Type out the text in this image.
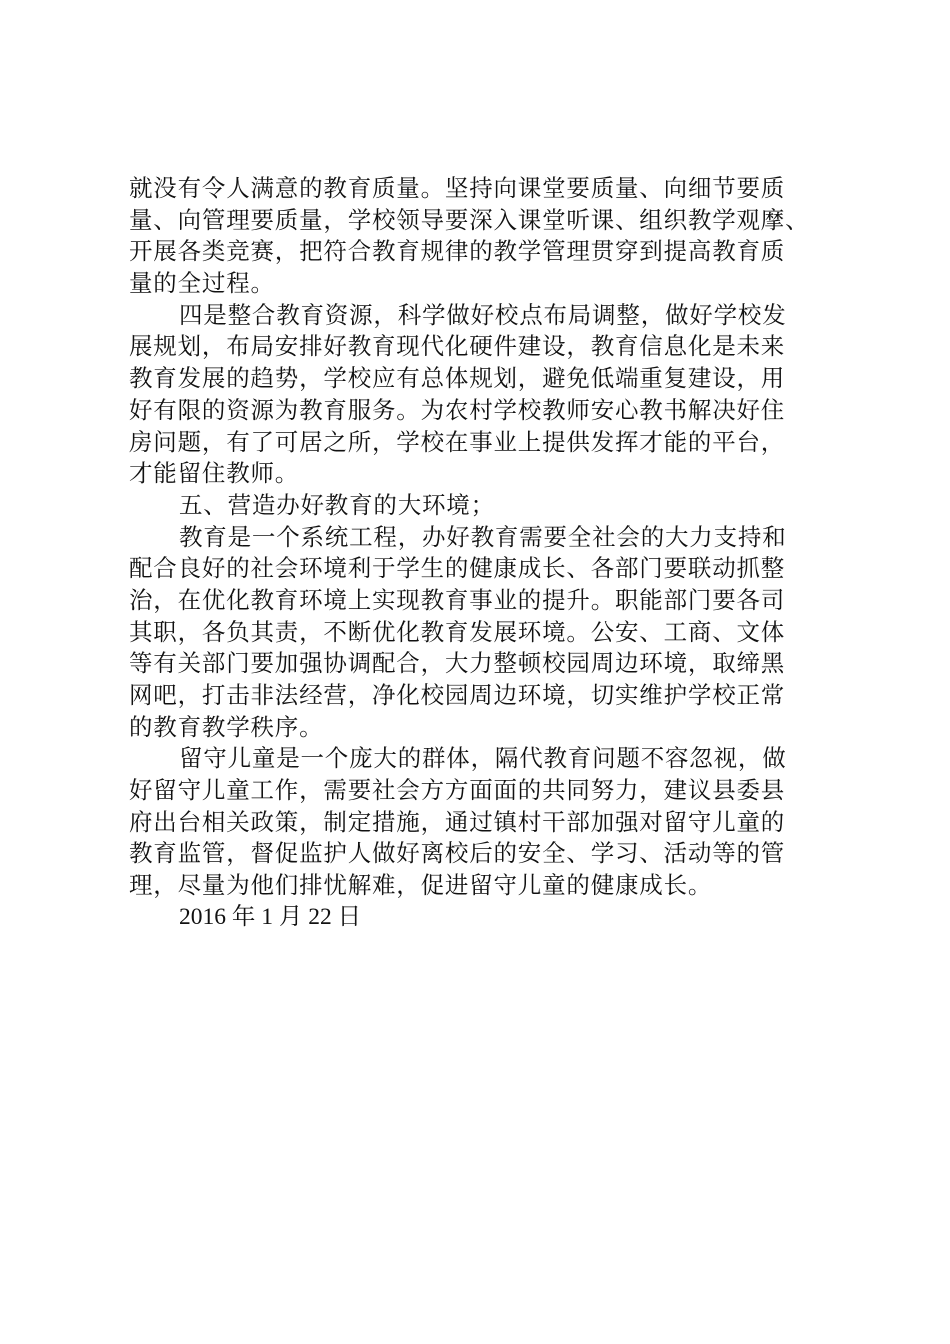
就没有令人满意的教育质量。坚持向课堂要质量、向细节要质
量、向管理要质量，学校领导要深入课堂听课、组织教学观摩、
开展各类竞赛，把符合教育规律的教学管理贯穿到提高教育质
量的全过程。
四是整合教育资源，科学做好校点布局调整，做好学校发
展规划，布局安排好教育现代化硬件建设，教育信息化是未来
教育发展的趋势，学校应有总体规划，避免低端重复建设，用
好有限的资源为教育服务。为农村学校教师安心教书解决好住
房问题，有了可居之所，学校在事业上提供发挥才能的平台，
才能留住教师。
五、营造办好教育的大环境；
教育是一个系统工程，办好教育需要全社会的大力支持和
配合良好的社会环境利于学生的健康成长、各部门要联动抓整
治，在优化教育环境上实现教育事业的提升。职能部门要各司
其职，各负其责，不断优化教育发展环境。公安、工商、文体
等有关部门要加强协调配合，大力整顿校园周边环境，取缔黑
网吧，打击非法经营，净化校园周边环境，切实维护学校正常
的教育教学秩序。
留守儿童是一个庞大的群体，隔代教育问题不容忽视，做
好留守儿童工作，需要社会方方面面的共同努力，建议县委县
府出台相关政策，制定措施，通过镇村干部加强对留守儿童的
教育监管，督促监护人做好离校后的安全、学习、活动等的管
理，尽量为他们排忧解难，促进留守儿童的健康成长。
2016 年 1 月 22 日
